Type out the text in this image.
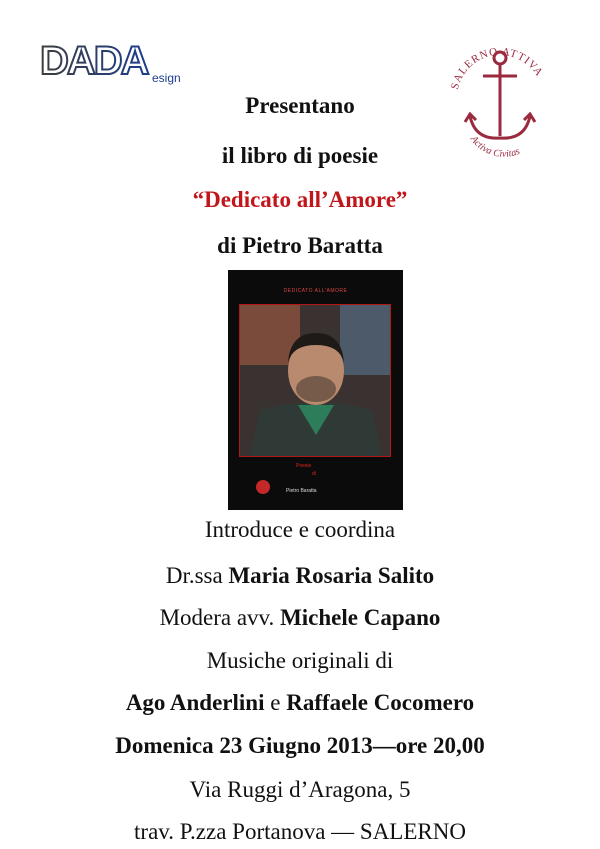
DADA esign
SALERNO ATTIVA
Activa Civitas
Presentano
il libro di poesie
“Dedicato all’Amore”
di Pietro Baratta
DEDICATO ALL'AMORE
Poesie
di
Pietro Baratta
Introduce e coordina
Dr.ssa Maria Rosaria Salito
Modera avv. Michele Capano
Musiche originali di
Ago Anderlini e Raffaele Cocomero
Domenica 23 Giugno 2013—ore 20,00
Via Ruggi d’Aragona, 5
trav. P.zza Portanova — SALERNO
